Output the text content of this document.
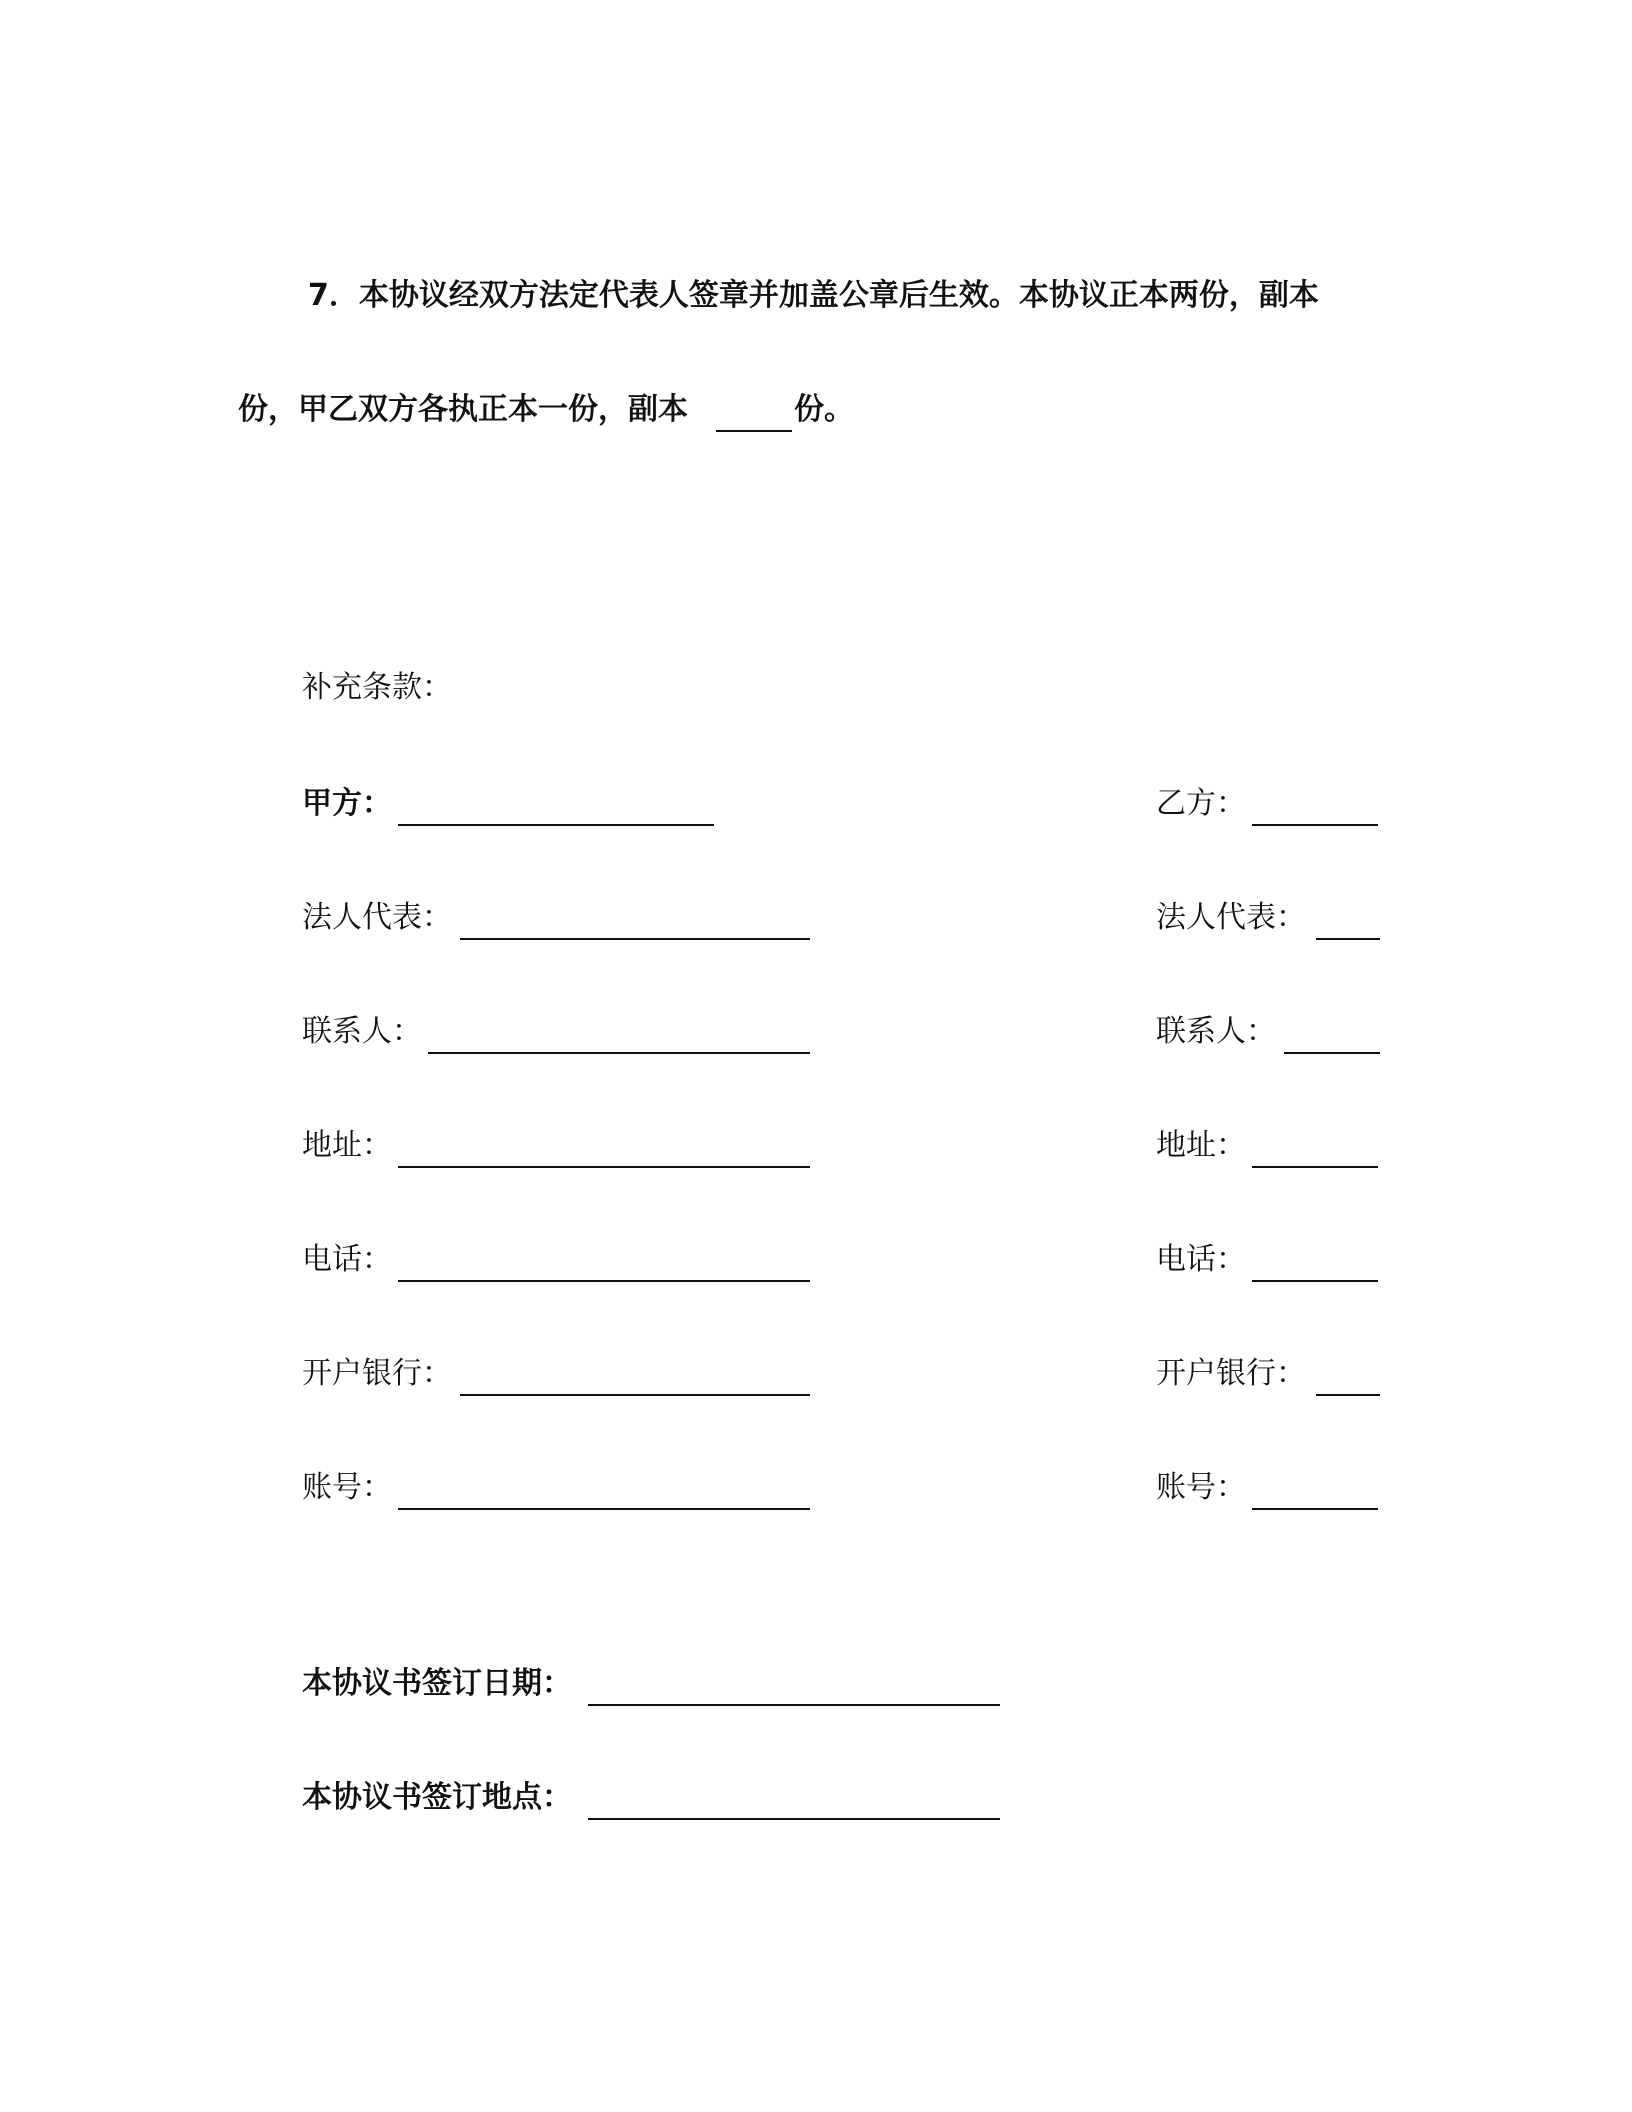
7．本协议经双方法定代表人签章并加盖公章后生效。本协议正本两份，副本
份，甲乙双方各执正本一份，副本	份。
补充条款：
甲方：
法人代表：
联系人：
地址：
电话：
开户银行：
账号：
乙方：
法人代表：
联系人：
地址：
电话：
开户银行：
账号：
本协议书签订日期：
本协议书签订地点：
